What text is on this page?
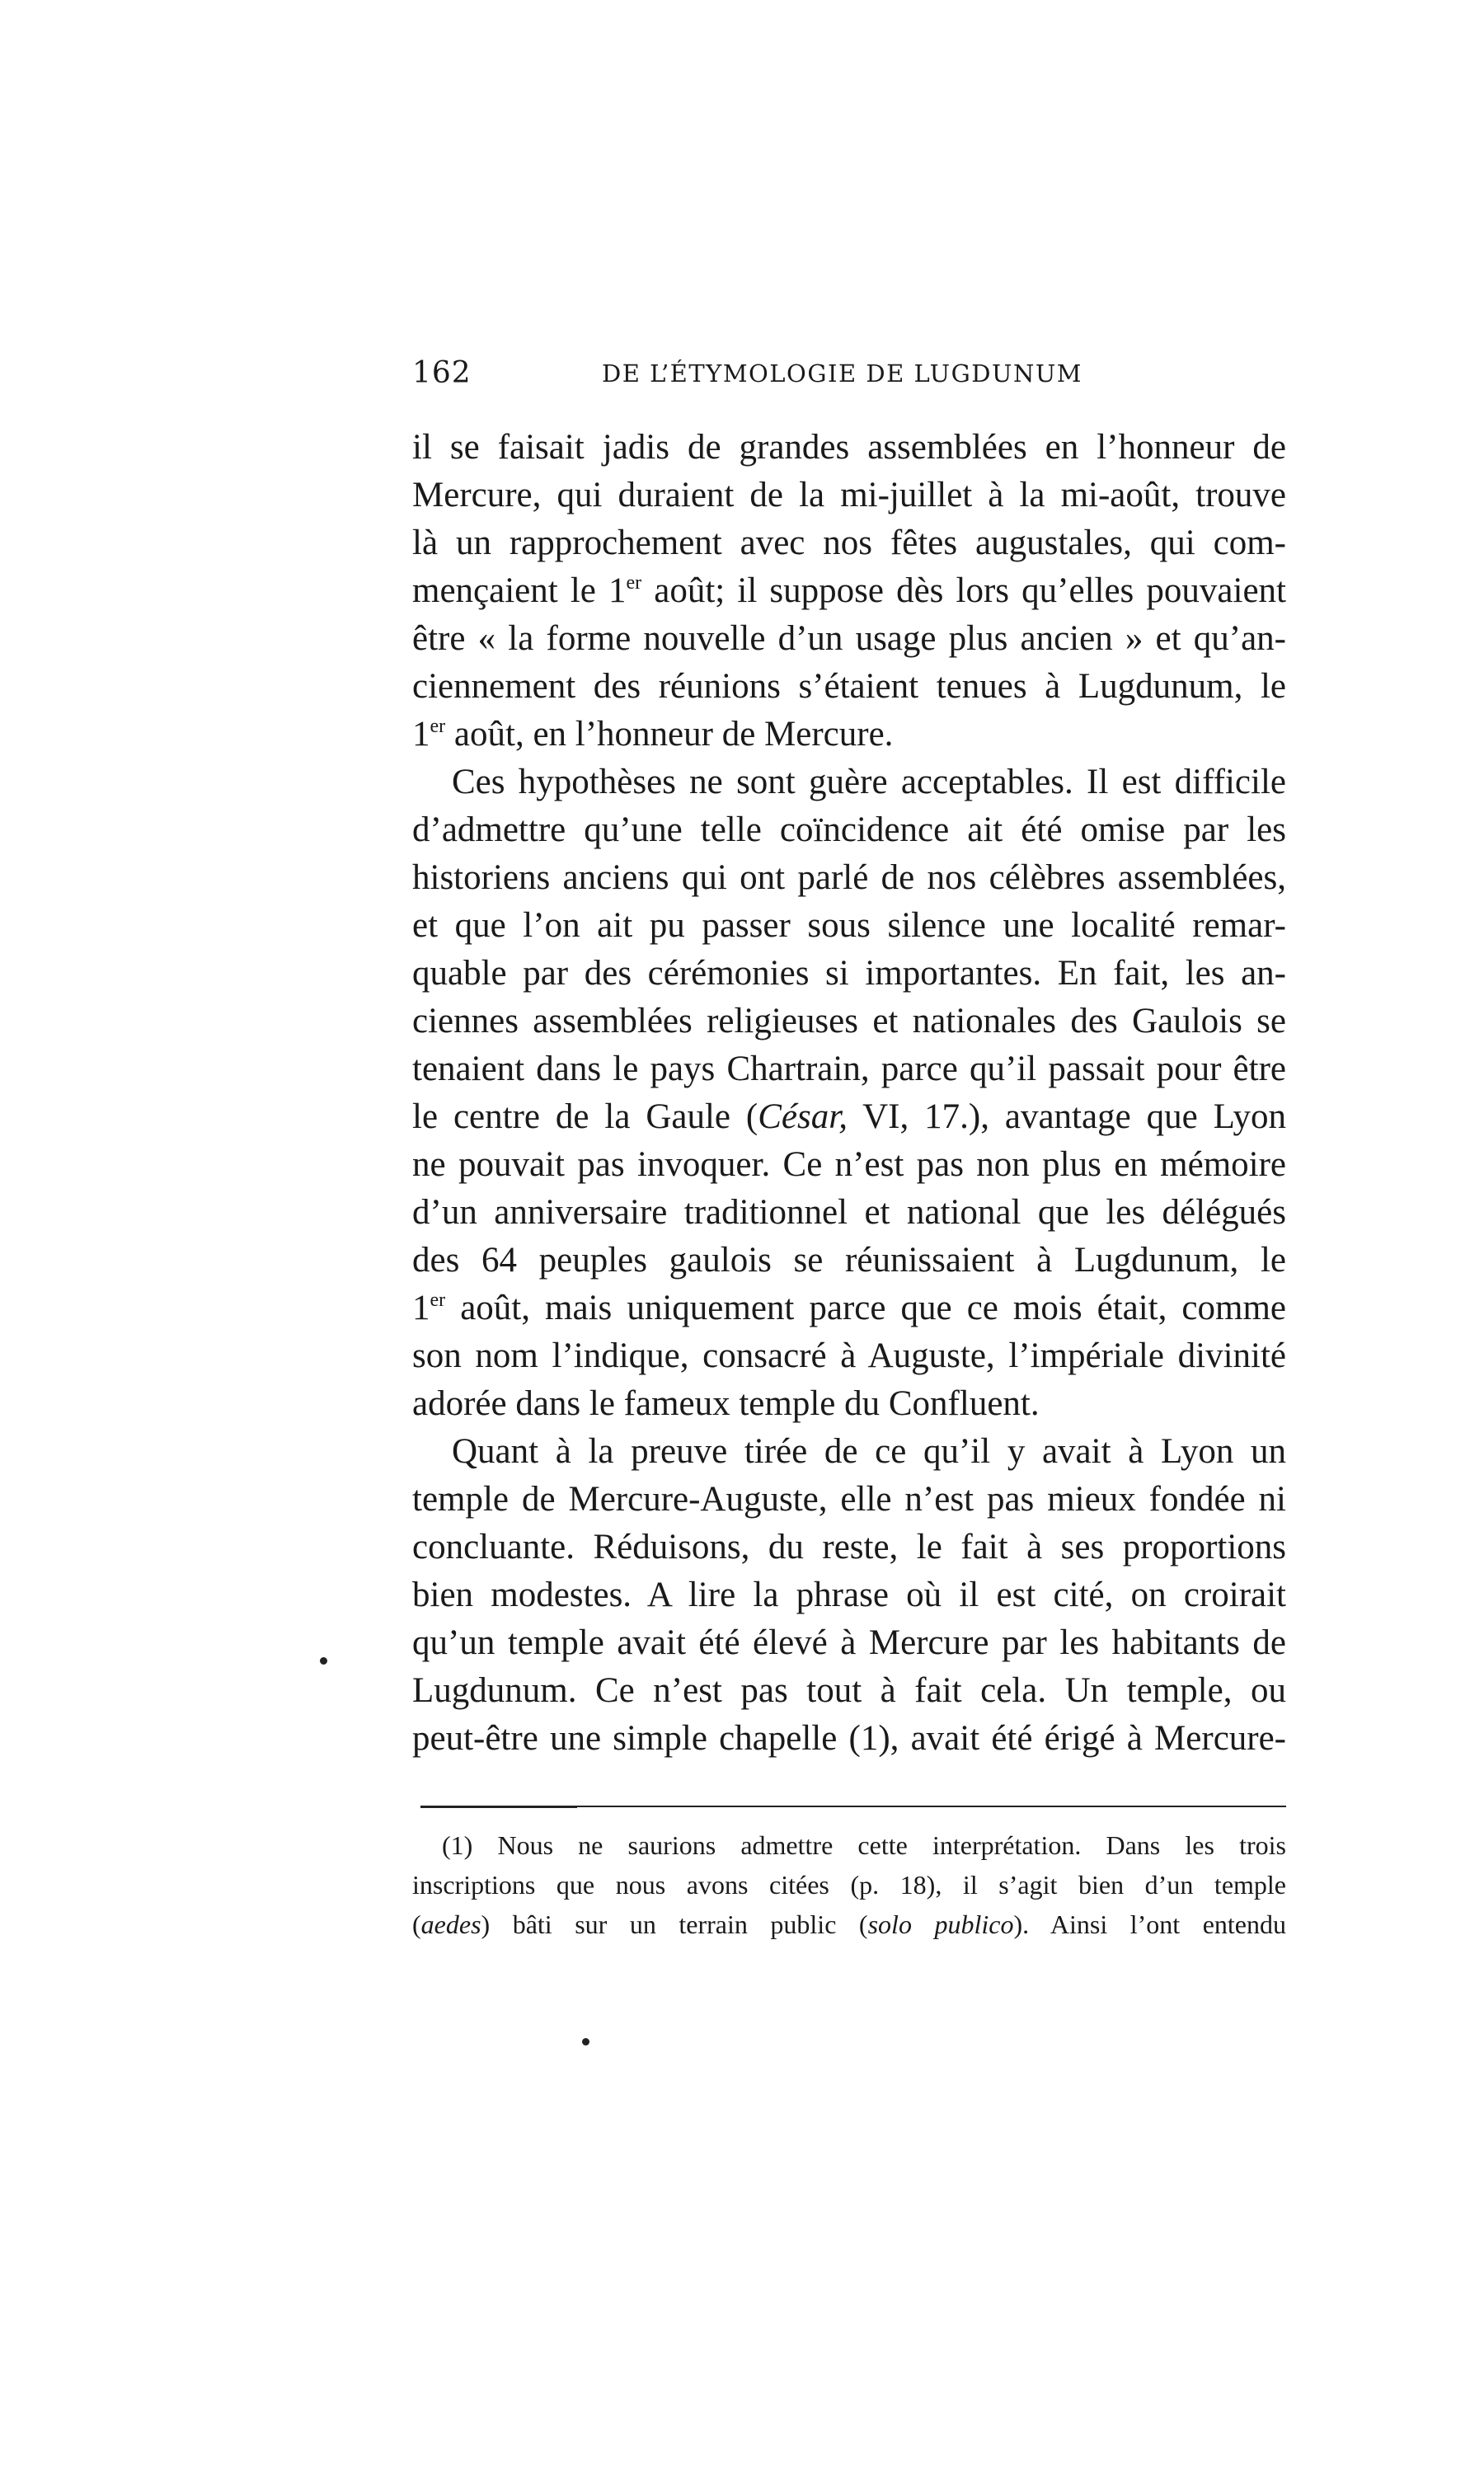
162	DE L’ÉTYMOLOGIE DE LUGDUNUM
il se faisait jadis de grandes assemblées en l’honneur de
Mercure, qui duraient de la mi-juillet à la mi-août, trouve
là un rapprochement avec nos fêtes augustales, qui com-
mençaient le 1er août; il suppose dès lors qu’elles pouvaient
être « la forme nouvelle d’un usage plus ancien » et qu’an-
ciennement des réunions s’étaient tenues à Lugdunum, le
1er août, en l’honneur de Mercure.
Ces hypothèses ne sont guère acceptables. Il est difficile
d’admettre qu’une telle coïncidence ait été omise par les
historiens anciens qui ont parlé de nos célèbres assemblées,
et que l’on ait pu passer sous silence une localité remar-
quable par des cérémonies si importantes. En fait, les an-
ciennes assemblées religieuses et nationales des Gaulois se
tenaient dans le pays Chartrain, parce qu’il passait pour être
le centre de la Gaule (César, VI, 17.), avantage que Lyon
ne pouvait pas invoquer. Ce n’est pas non plus en mémoire
d’un anniversaire traditionnel et national que les délégués
des 64 peuples gaulois se réunissaient à Lugdunum, le
1er août, mais uniquement parce que ce mois était, comme
son nom l’indique, consacré à Auguste, l’impériale divinité
adorée dans le fameux temple du Confluent.
Quant à la preuve tirée de ce qu’il y avait à Lyon un
temple de Mercure-Auguste, elle n’est pas mieux fondée ni
concluante. Réduisons, du reste, le fait à ses proportions
bien modestes. A lire la phrase où il est cité, on croirait
qu’un temple avait été élevé à Mercure par les habitants de
Lugdunum. Ce n’est pas tout à fait cela. Un temple, ou
peut-être une simple chapelle (1), avait été érigé à Mercure-
(1) Nous ne saurions admettre cette interprétation. Dans les trois
inscriptions que nous avons citées (p. 18), il s’agit bien d’un temple
(aedes) bâti sur un terrain public (solo publico). Ainsi l’ont entendu
